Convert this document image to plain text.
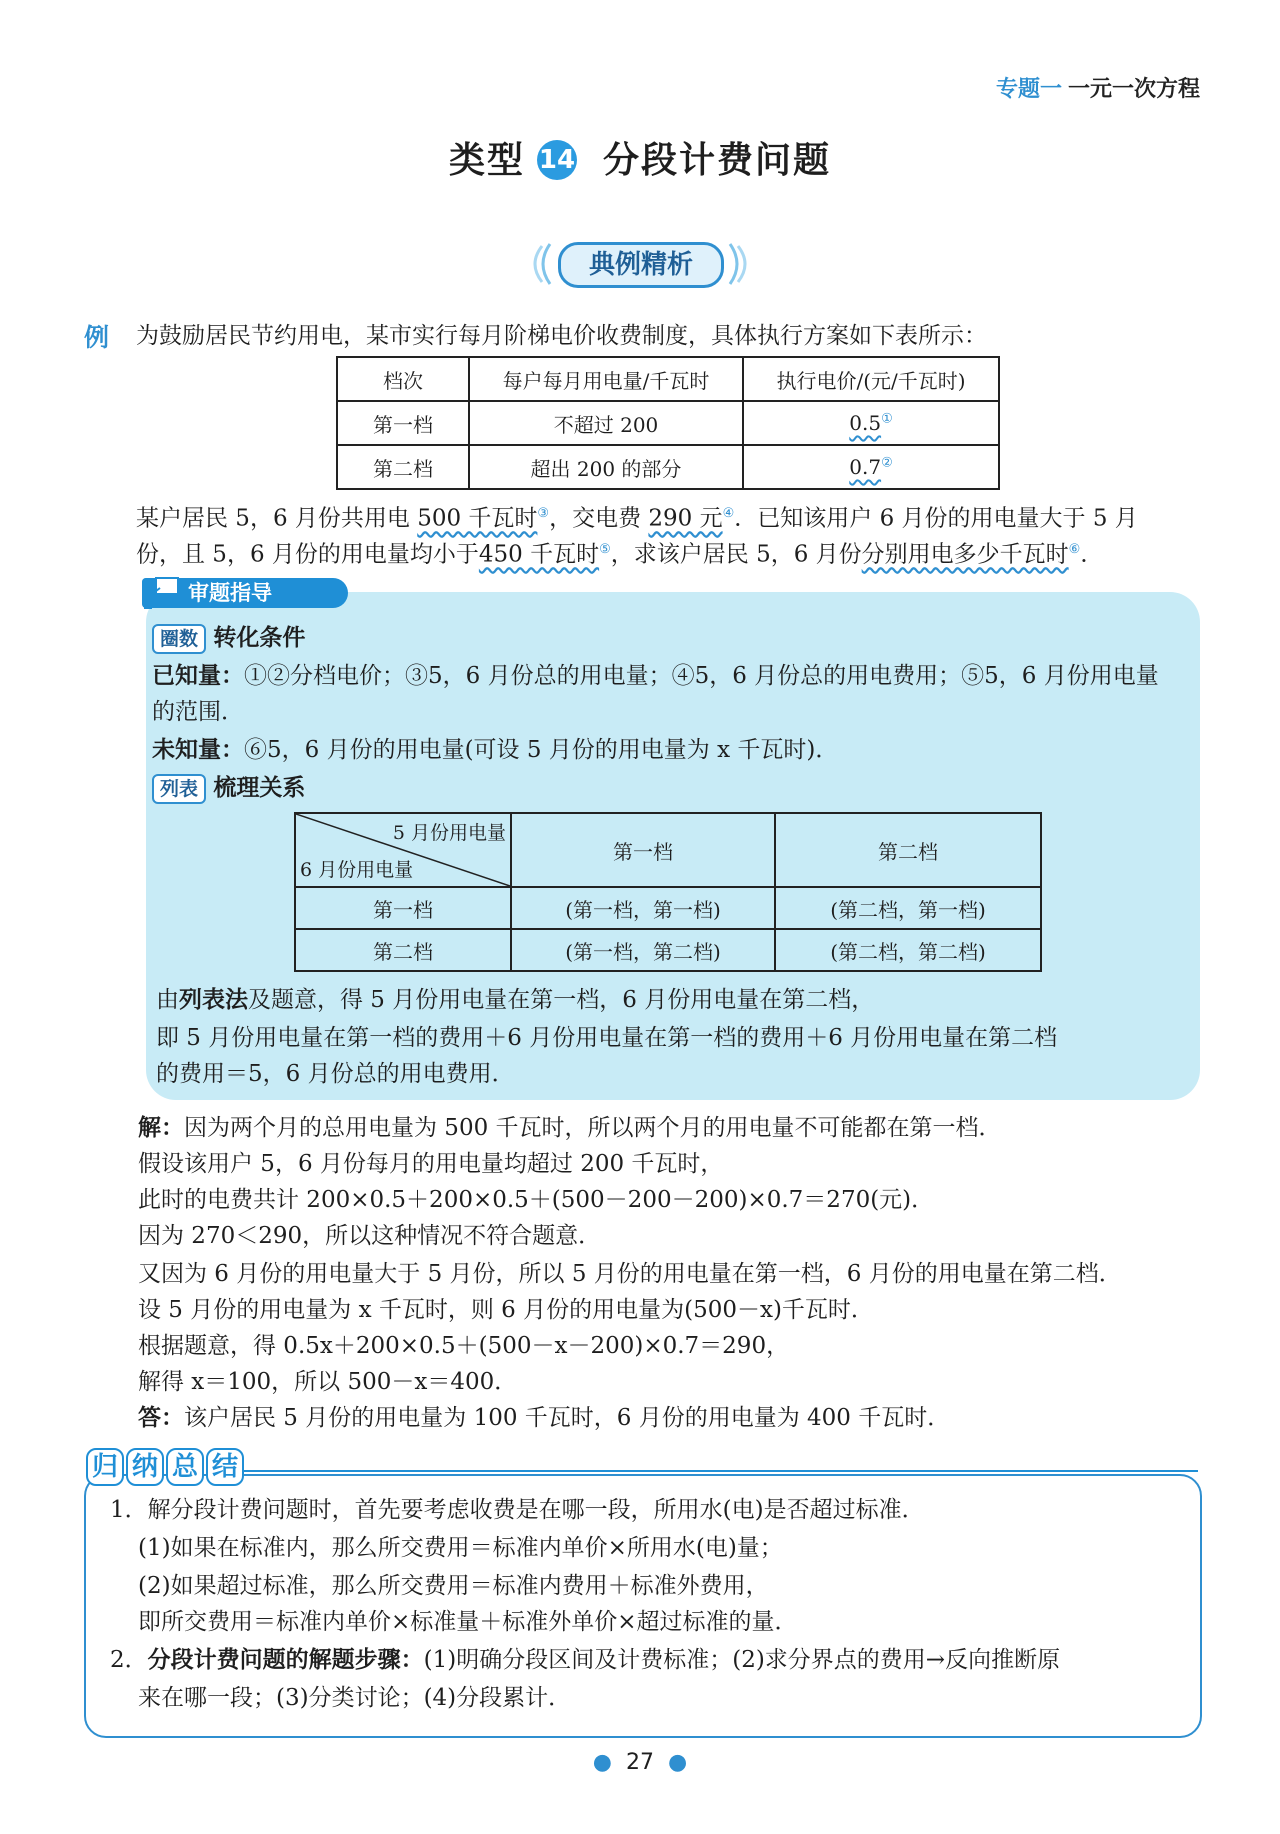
专题一 一元一次方程
类型 14 分段计费问题
典例精析
例 为鼓励居民节约用电，某市实行每月阶梯电价收费制度，具体执行方案如下表所示：
档次	每户每月用电量/千瓦时	执行电价/(元/千瓦时)
第一档	不超过 200	0.5①
第二档	超出 200 的部分	0.7②
某户居民 5，6 月份共用电 500 千瓦时③，交电费 290 元④．已知该用户 6 月份的用电量大于 5 月
份，且 5，6 月份的用电量均小于450 千瓦时⑤，求该户居民 5，6 月份分别用电多少千瓦时⑥．
审题指导
圈数 转化条件
已知量：①②分档电价；③5，6 月份总的用电量；④5，6 月份总的用电费用；⑤5，6 月份用电量
的范围．
未知量：⑥5，6 月份的用电量(可设 5 月份的用电量为 x 千瓦时)．
列表 梳理关系
5 月份用电量
6 月份用电量	第一档	第二档
第一档	(第一档，第一档)	(第二档，第一档)
第二档	(第一档，第二档)	(第二档，第二档)
由列表法及题意，得 5 月份用电量在第一档，6 月份用电量在第二档，
即 5 月份用电量在第一档的费用＋6 月份用电量在第一档的费用＋6 月份用电量在第二档
的费用＝5，6 月份总的用电费用．
解：因为两个月的总用电量为 500 千瓦时，所以两个月的用电量不可能都在第一档．
假设该用户 5，6 月份每月的用电量均超过 200 千瓦时，
此时的电费共计 200×0.5＋200×0.5＋(500－200－200)×0.7＝270(元)．
因为 270＜290，所以这种情况不符合题意．
又因为 6 月份的用电量大于 5 月份，所以 5 月份的用电量在第一档，6 月份的用电量在第二档．
设 5 月份的用电量为 x 千瓦时，则 6 月份的用电量为(500－x)千瓦时．
根据题意，得 0.5x＋200×0.5＋(500－x－200)×0.7＝290，
解得 x＝100，所以 500－x＝400．
答：该户居民 5 月份的用电量为 100 千瓦时，6 月份的用电量为 400 千瓦时．
归 纳 总 结
1．解分段计费问题时，首先要考虑收费是在哪一段，所用水(电)是否超过标准．
(1)如果在标准内，那么所交费用＝标准内单价×所用水(电)量；
(2)如果超过标准，那么所交费用＝标准内费用＋标准外费用，
即所交费用＝标准内单价×标准量＋标准外单价×超过标准的量．
2．分段计费问题的解题步骤：(1)明确分段区间及计费标准；(2)求分界点的费用→反向推断原
来在哪一段；(3)分类讨论；(4)分段累计．
● 27 ●
